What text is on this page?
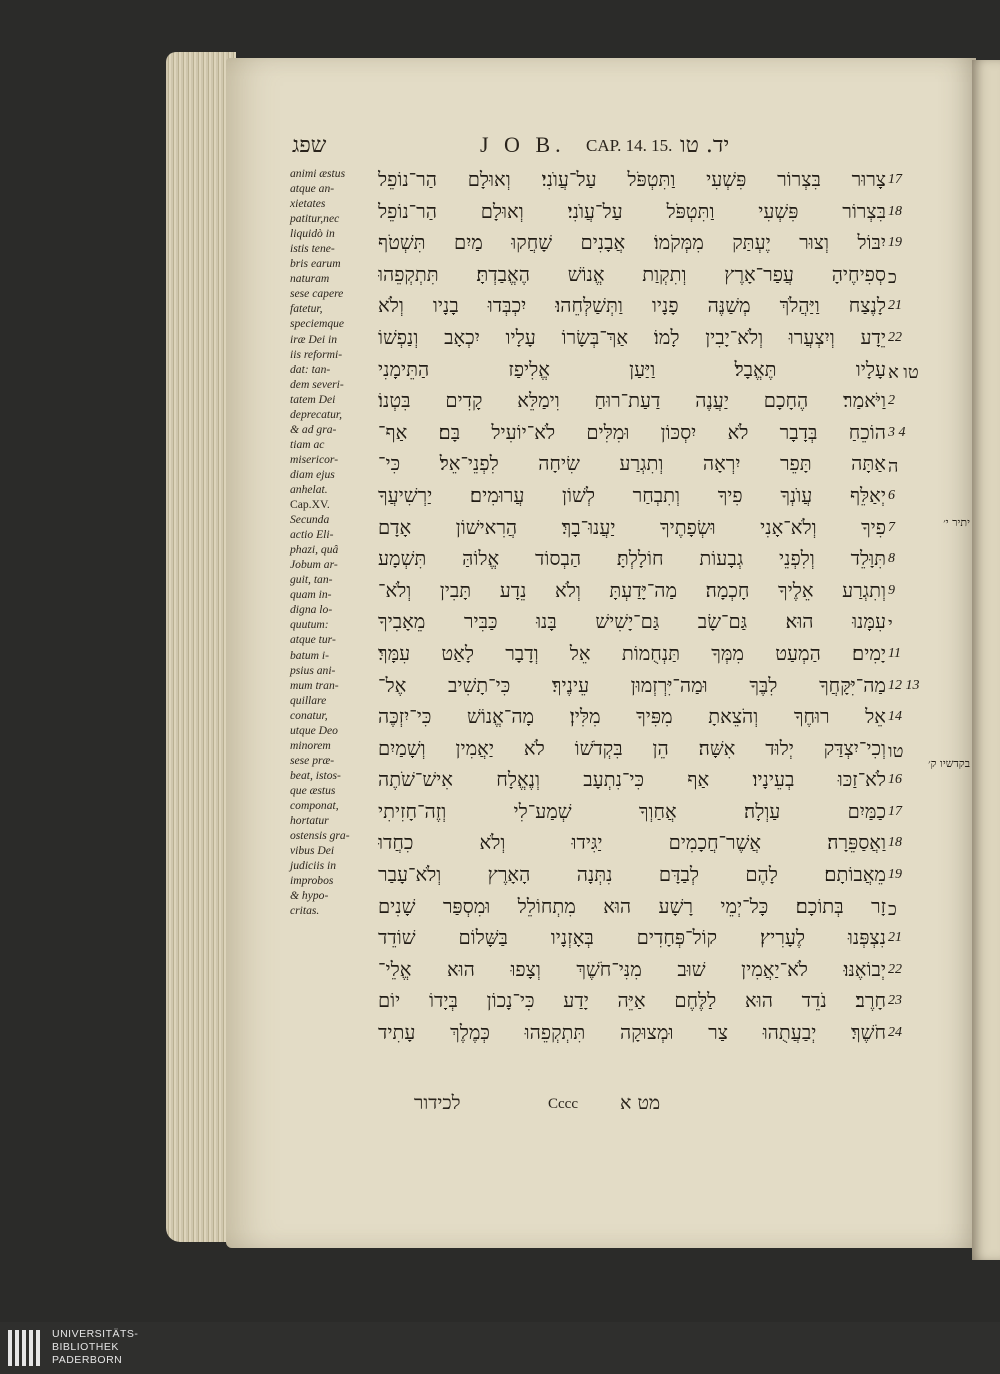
שפג	J O B. CAP. 14. 15. יד. טו
animi æstus
atque an-
xietates
patitur,nec
liquidò in
istis tene-
bris earum
naturam
sese capere
fatetur,
speciemque
iræ Dei in
iis reformi-
dat: tan-
dem severi-
tatem Dei
deprecatur,
& ad gra-
tiam ac
misericor-
diam ejus
anhelat.
Cap.XV.
Secunda
actio Eli-
phazi, quâ
Jobum ar-
guit, tan-
quam in-
digna lo-
quutum:
atque tur-
batum i-
psius ani-
mum tran-
quillare
conatur,
utque Deo
minorem
sese præ-
beat, istos-
que æstus
componat,
hortatur
ostensis gra-
vibus Dei
judiciis in
improbos
& hypo-
critas.
צָרוּר בִּצְרוֹר פִּשְׁעִי וַתִּטְפֹּל עַל־עֲוֺנִי׃ וְאוּלָם הַר־נוֹפֵל 17
בִּצְרוֹר פִּשְׁעִי וַתִּטְפֹּל עַל־עֲוֺנִי׃ וְאוּלָם הַר־נוֹפֵל 18
יִבּוֹל וְצוּר יֶעְתַּק מִמְּקֹמוֹ׃ אֲבָנִים שָׁחֲקוּ מַיִם תִּשְׁטֹף 19
סְפִיחֶיהָ עֲפַר־אָרֶץ וְתִקְוַת אֱנוֹשׁ הֶאֱבַדְתָּ׃ תִּתְקְפֵהוּ כ
לָנֶצַח וַיַּהֲלֹךְ מְשַׁנֶּה פָנָיו וַתְּשַׁלְּחֵהוּ׃ יִכְבְּדוּ בָנָיו וְלֹא 21
יֵדָע וְיִצְעֲרוּ וְלֹא־יָבִין לָמוֹ׃ אַךְ־בְּשָׂרוֹ עָלָיו יִכְאָב וְנַפְשׁוֹ 22
עָלָיו תֶּאֱבָל׃ וַיַּעַן אֱלִיפַז הַתֵּימָנִי טו א
וַיֹּאמַר׃ הֶחָכָם יַעֲנֶה דַעַת־רוּחַ וִימַלֵּא קָדִים בִּטְנוֹ׃ 2
הוֹכֵחַ בְּדָבָר לֹא יִסְכּוֹן וּמִלִּים לֹא־יוֹעִיל בָּם׃ אַף־ 3 4
אַתָּה תָּפֵר יִרְאָה וְתִגְרַע שִׂיחָה לִפְנֵי־אֵל׃ כִּי־ ה
יְאַלֵּף עֲוֺנְךָ פִיךָ וְתִבְחַר לְשׁוֹן עֲרוּמִים׃ יַרְשִׁיעֲךָ 6
פִיךָ וְלֹא־אָנִי וּשְׂפָתֶיךָ יַעֲנוּ־בָךְ׃ הֲרִאישׁוֹן אָדָם 7	יתיר י׳
תִּוָּלֵד וְלִפְנֵי גְבָעוֹת חוֹלָלְתָּ׃ הַבְסוֹד אֱלוֹהַּ תִּשְׁמָע 8
וְתִגְרַע אֵלֶיךָ חָכְמָה׃ מַה־יָּדַעְתָּ וְלֹא נֵדָע תָּבִין וְלֹא־ 9
עִמָּנוּ הוּא׃ גַּם־שָׂב גַּם־יָשִׁישׁ בָּנוּ כַּבִּיר מֵאָבִיךָ י
יָמִים׃ הַמְעַט מִמְּךָ תַּנְחֻמוֹת אֵל וְדָבָר לָאַט עִמָּךְ׃ 11
מַה־יִּקָּחֲךָ לִבֶּךָ וּמַה־יִּרְזְמוּן עֵינֶיךָ׃ כִּי־תָשִׁיב אֶל־ 12 13
אֵל רוּחֶךָ וְהֹצֵאתָ מִפִּיךָ מִלִּין׃ מָה־אֱנוֹשׁ כִּי־יִזְכֶּה 14
וְכִי־יִצְדַּק יְלוּד אִשָּׁה׃ הֵן בִּקְדֹשׁוֹ לֹא יַאֲמִין וְשָׁמַיִם טו
בקדשיו ק׳
לֹא־זַכּוּ בְעֵינָיו׃ אַף כִּי־נִתְעָב וְנֶאֱלָח אִישׁ־שֹׁתֶה 16
כַמַּיִם עַוְלָה׃ אֲחַוְךָ שְׁמַע־לִי וְזֶה־חָזִיתִי 17
וַאֲסַפֵּרָה׃ אֲשֶׁר־חֲכָמִים יַגִּידוּ וְלֹא כִחֲדוּ 18
מֵאֲבוֹתָם׃ לָהֶם לְבַדָּם נִתְּנָה הָאָרֶץ וְלֹא־עָבַר 19
זָר בְּתוֹכָם׃ כָּל־יְמֵי רָשָׁע הוּא מִתְחוֹלֵל וּמִסְפַּר שָׁנִים כ
נִצְפְּנוּ לֶעָרִיץ׃ קוֹל־פְּחָדִים בְּאָזְנָיו בַּשָּׁלוֹם שׁוֹדֵד 21
יְבוֹאֶנּוּ׃ לֹא־יַאֲמִין שׁוּב מִנִּי־חֹשֶׁךְ וְצָפוּ הוּא אֱלֵי־ 22
חָרֶב׃ נֹדֵד הוּא לַלֶּחֶם אַיֵּה יָדַע כִּי־נָכוֹן בְּיָדוֹ יוֹם 23
חֹשֶׁךְ׃ יְבַעֲתֻהוּ צַר וּמְצוּקָה תִּתְקְפֵהוּ כְּמֶלֶךְ עָתִיד 24
לכידור	Cccc מט א
UNIVERSITÄTS-
BIBLIOTHEK
PADERBORN
